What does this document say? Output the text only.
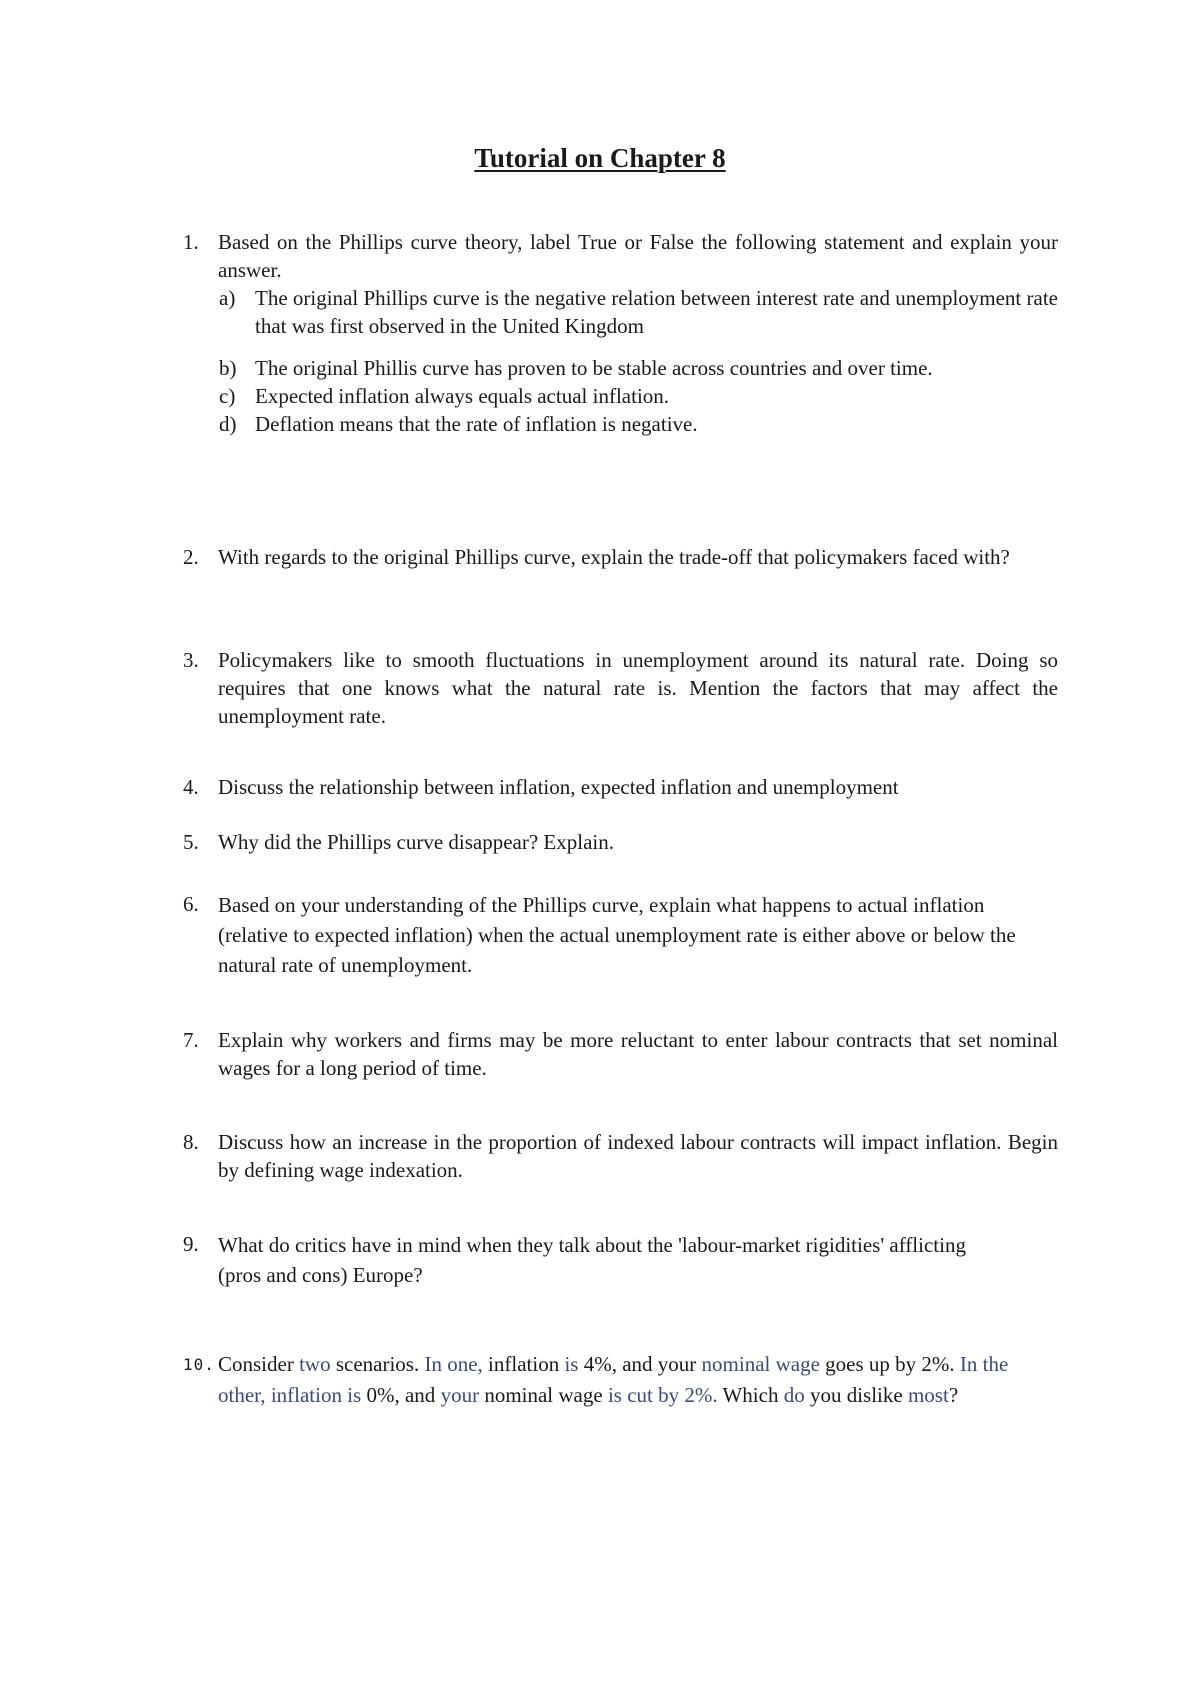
Tutorial on Chapter 8
1. Based on the Phillips curve theory, label True or False the following statement and explain your answer.
a) The original Phillips curve is the negative relation between interest rate and unemployment rate that was first observed in the United Kingdom
b) The original Phillis curve has proven to be stable across countries and over time.
c) Expected inflation always equals actual inflation.
d) Deflation means that the rate of inflation is negative.
2. With regards to the original Phillips curve, explain the trade-off that policymakers faced with?
3. Policymakers like to smooth fluctuations in unemployment around its natural rate. Doing so requires that one knows what the natural rate is. Mention the factors that may affect the unemployment rate.
4. Discuss the relationship between inflation, expected inflation and unemployment
5. Why did the Phillips curve disappear? Explain.
6. Based on your understanding of the Phillips curve, explain what happens to actual inflation (relative to expected inflation) when the actual unemployment rate is either above or below the natural rate of unemployment.
7. Explain why workers and firms may be more reluctant to enter labour contracts that set nominal wages for a long period of time.
8. Discuss how an increase in the proportion of indexed labour contracts will impact inflation. Begin by defining wage indexation.
9. What do critics have in mind when they talk about the 'labour-market rigidities' afflicting (pros and cons) Europe?
10. Consider two scenarios. In one, inflation is 4%, and your nominal wage goes up by 2%. In the other, inflation is 0%, and your nominal wage is cut by 2%. Which do you dislike most?
